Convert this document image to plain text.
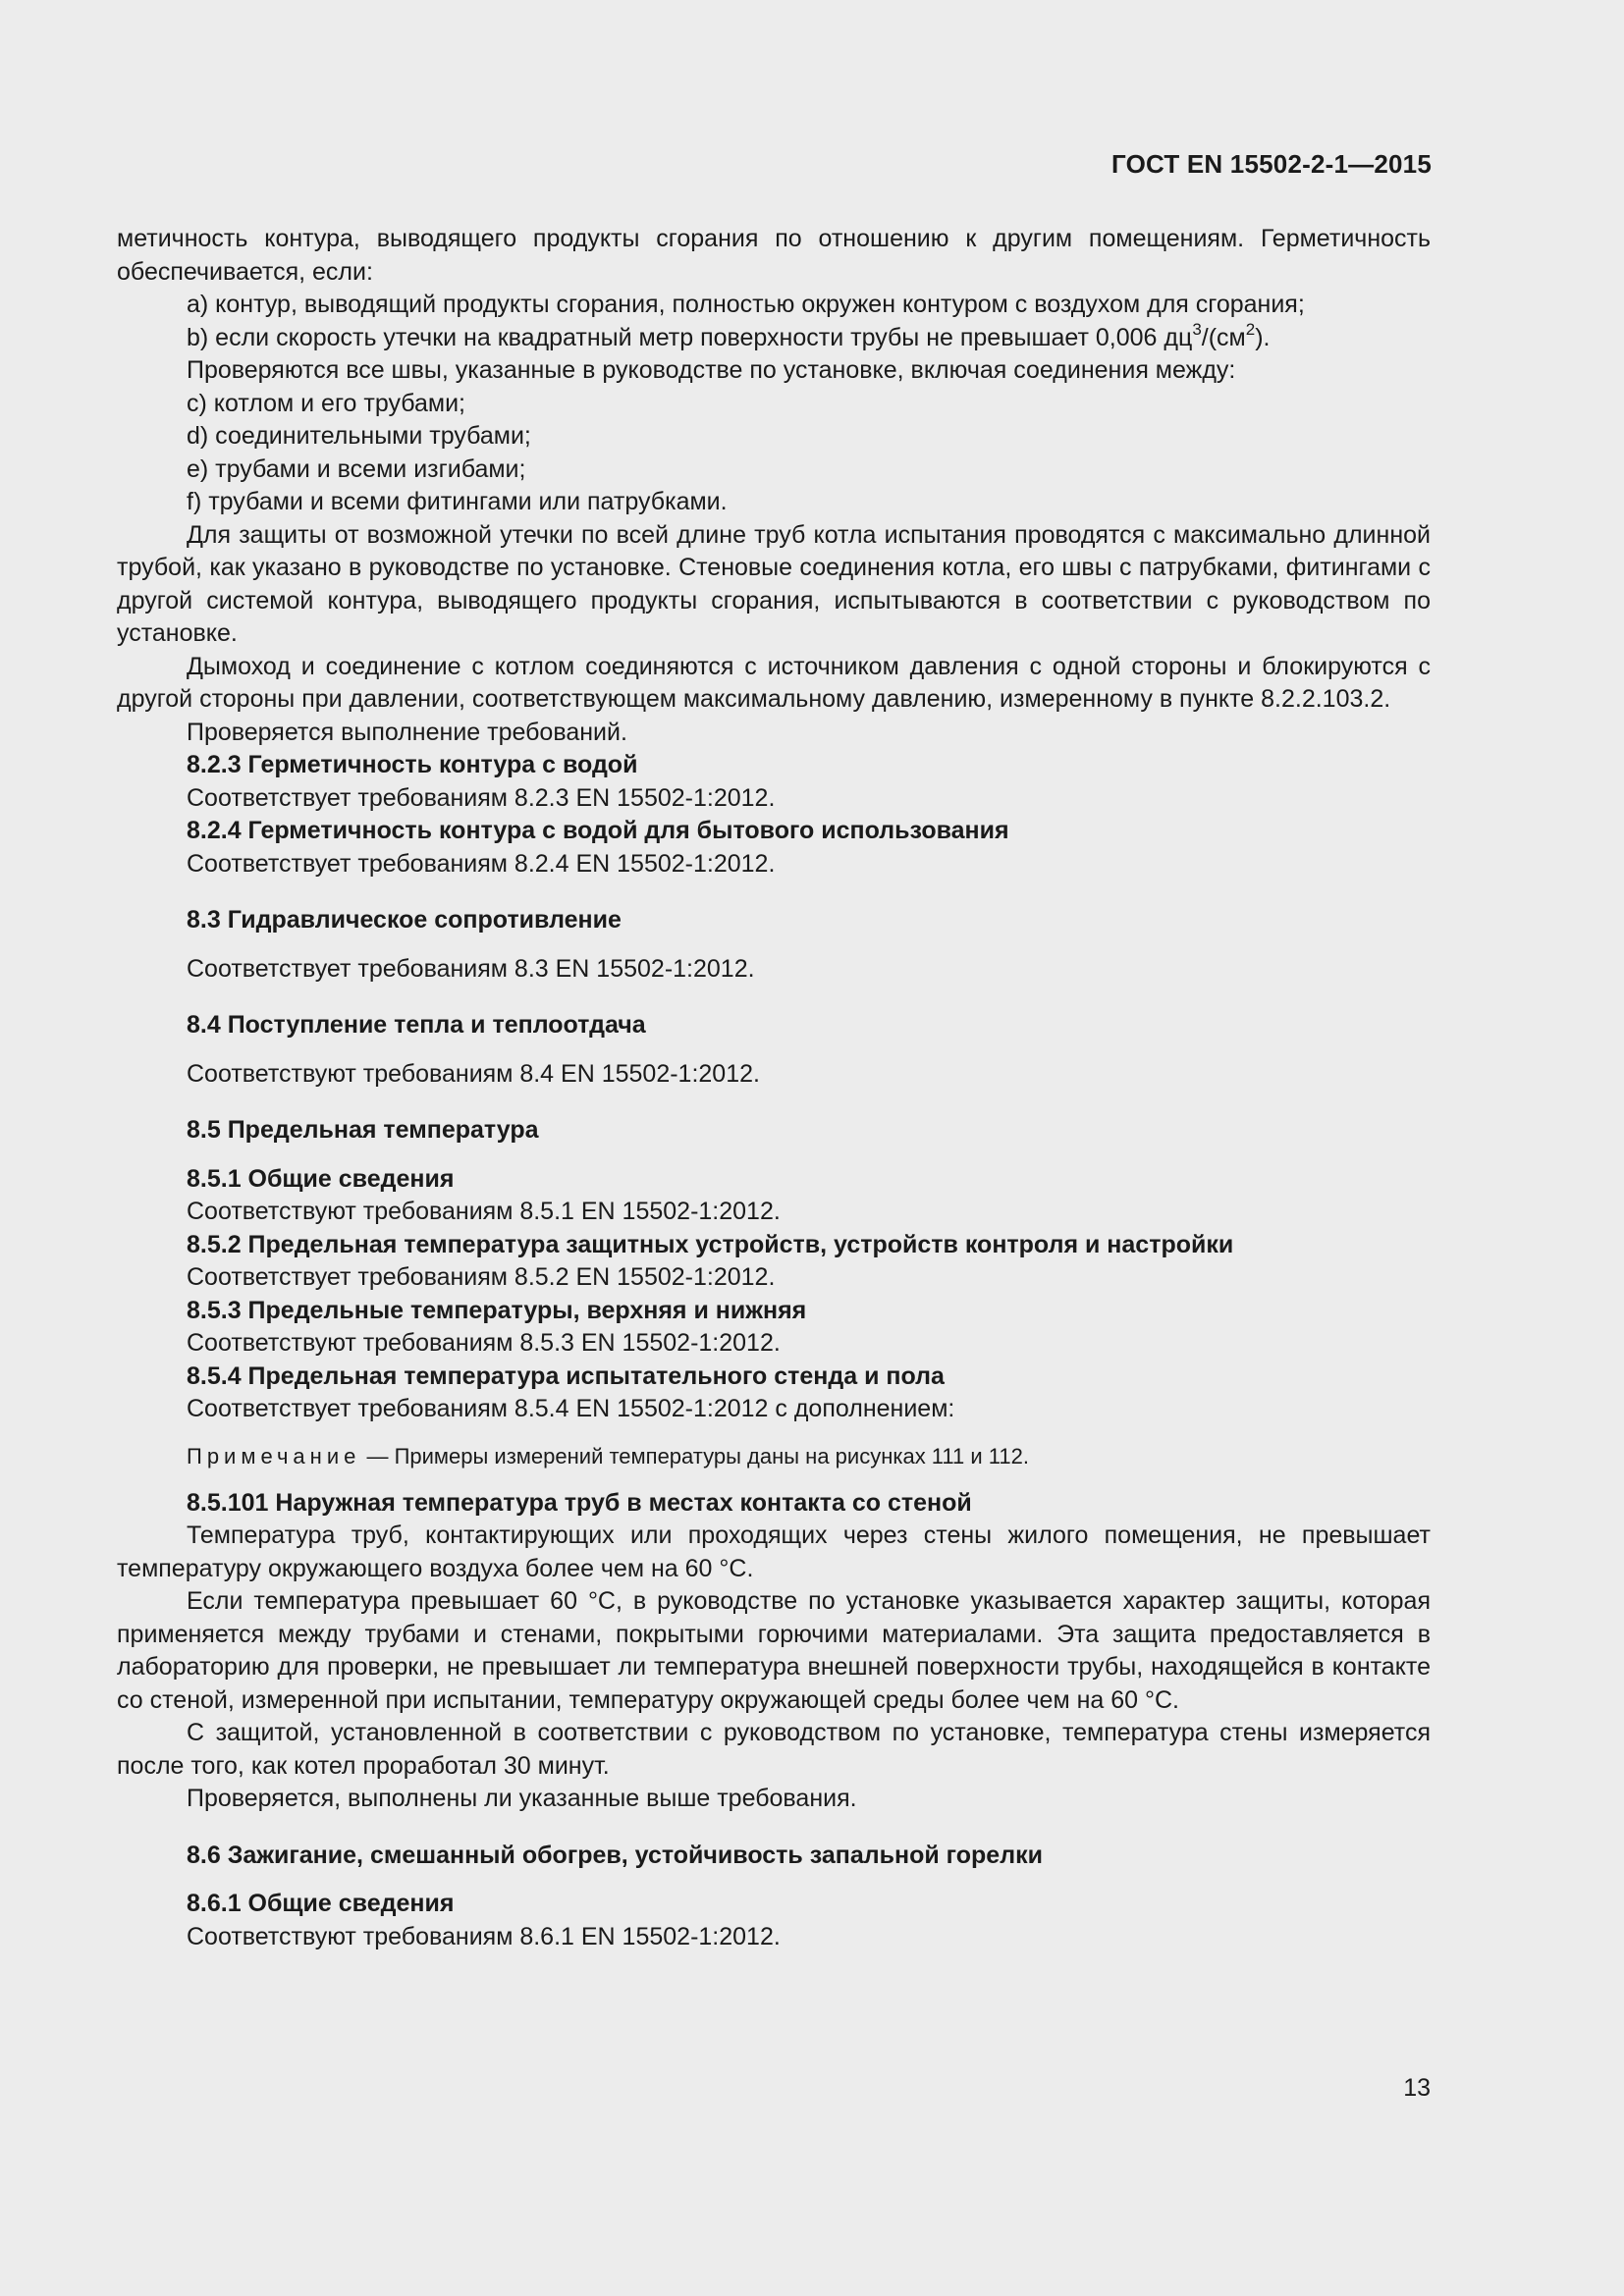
ГОСТ EN 15502-2-1—2015

метичность контура, выводящего продукты сгорания по отношению к другим помещениям. Герметичность обеспечивается, если:

a) контур, выводящий продукты сгорания, полностью окружен контуром с воздухом для сгорания;

b) если скорость утечки на квадратный метр поверхности трубы не превышает 0,006 $дц^3/(см^2)$.

Проверяются все швы, указанные в руководстве по установке, включая соединения между:

c) котлом и его трубами;

d) соединительными трубами;

e) трубами и всеми изгибами;

f) трубами и всеми фитингами или патрубками.

Для защиты от возможной утечки по всей длине труб котла испытания проводятся с максимально длинной трубой, как указано в руководстве по установке. Стеновые соединения котла, его швы с патрубками, фитингами с другой системой контура, выводящего продукты сгорания, испытываются в соответствии с руководством по установке.

Дымоход и соединение с котлом соединяются с источником давления с одной стороны и блокируются с другой стороны при давлении, соответствующем максимальному давлению, измеренному в пункте 8.2.2.103.2.

Проверяется выполнение требований.

8.2.3 Герметичность контура с водой

Соответствует требованиям 8.2.3 EN 15502-1:2012.

8.2.4 Герметичность контура с водой для бытового использования

Соответствует требованиям 8.2.4 EN 15502-1:2012.

8.3 Гидравлическое сопротивление

Соответствует требованиям 8.3 EN 15502-1:2012.

8.4 Поступление тепла и теплоотдача

Соответствуют требованиям 8.4 EN 15502-1:2012.

8.5 Предельная температура

8.5.1 Общие сведения

Соответствуют требованиям 8.5.1 EN 15502-1:2012.

8.5.2 Предельная температура защитных устройств, устройств контроля и настройки

Соответствует требованиям 8.5.2 EN 15502-1:2012.

8.5.3 Предельные температуры, верхняя и нижняя

Соответствуют требованиям 8.5.3 EN 15502-1:2012.

8.5.4 Предельная температура испытательного стенда и пола

Соответствует требованиям 8.5.4 EN 15502-1:2012 с дополнением:

Примечание — Примеры измерений температуры даны на рисунках 111 и 112.

8.5.101 Наружная температура труб в местах контакта со стеной

Температура труб, контактирующих или проходящих через стены жилого помещения, не превышает температуру окружающего воздуха более чем на 60 °C.

Если температура превышает 60 °C, в руководстве по установке указывается характер защиты, которая применяется между трубами и стенами, покрытыми горючими материалами. Эта защита предоставляется в лабораторию для проверки, не превышает ли температура внешней поверхности трубы, находящейся в контакте со стеной, измеренной при испытании, температуру окружающей среды более чем на 60 °C.

С защитой, установленной в соответствии с руководством по установке, температура стены измеряется после того, как котел проработал 30 минут.

Проверяется, выполнены ли указанные выше требования.

8.6 Зажигание, смешанный обогрев, устойчивость запальной горелки

8.6.1 Общие сведения

Соответствуют требованиям 8.6.1 EN 15502-1:2012.

13
